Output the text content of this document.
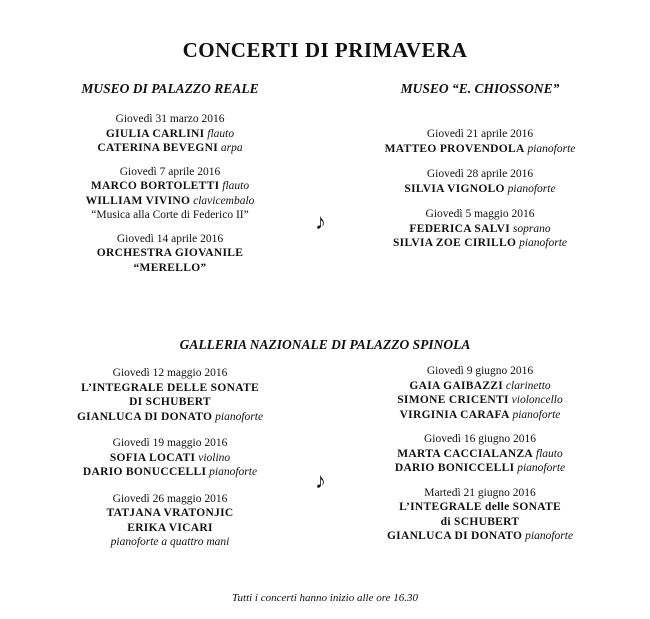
CONCERTI DI PRIMAVERA
MUSEO DI PALAZZO REALE	MUSEO “E. CHIOSSONE”
Giovedì 31 marzo 2016
GIULIA CARLINI flauto
CATERINA BEVEGNI arpa
Giovedì 7 aprile 2016
MARCO BORTOLETTI flauto
WILLIAM VIVINO clavicembalo
“Musica alla Corte di Federico II”
Giovedì 14 aprile 2016
ORCHESTRA GIOVANILE
“MERELLO”
Giovedì 21 aprile 2016
MATTEO PROVENDOLA pianoforte
Giovedì 28 aprile 2016
SILVIA VIGNOLO pianoforte
Giovedì 5 maggio 2016
FEDERICA SALVI soprano
SILVIA ZOE CIRILLO pianoforte
♪
GALLERIA NAZIONALE DI PALAZZO SPINOLA
Giovedì 12 maggio 2016
L’INTEGRALE DELLE SONATE
DI SCHUBERT
GIANLUCA DI DONATO pianoforte
Giovedì 19 maggio 2016
SOFIA LOCATI violino
DARIO BONUCCELLI pianoforte
Giovedì 26 maggio 2016
TATJANA VRATONJIC
ERIKA VICARI
pianoforte a quattro mani
Giovedì 9 giugno 2016
GAIA GAIBAZZI clarinetto
SIMONE CRICENTI violoncello
VIRGINIA CARAFA pianoforte
Giovedì 16 giugno 2016
MARTA CACCIALANZA flauto
DARIO BONICCELLI pianoforte
Martedì 21 giugno 2016
L’INTEGRALE delle SONATE
di SCHUBERT
GIANLUCA DI DONATO pianoforte
♪
Tutti i concerti hanno inizio alle ore 16.30
